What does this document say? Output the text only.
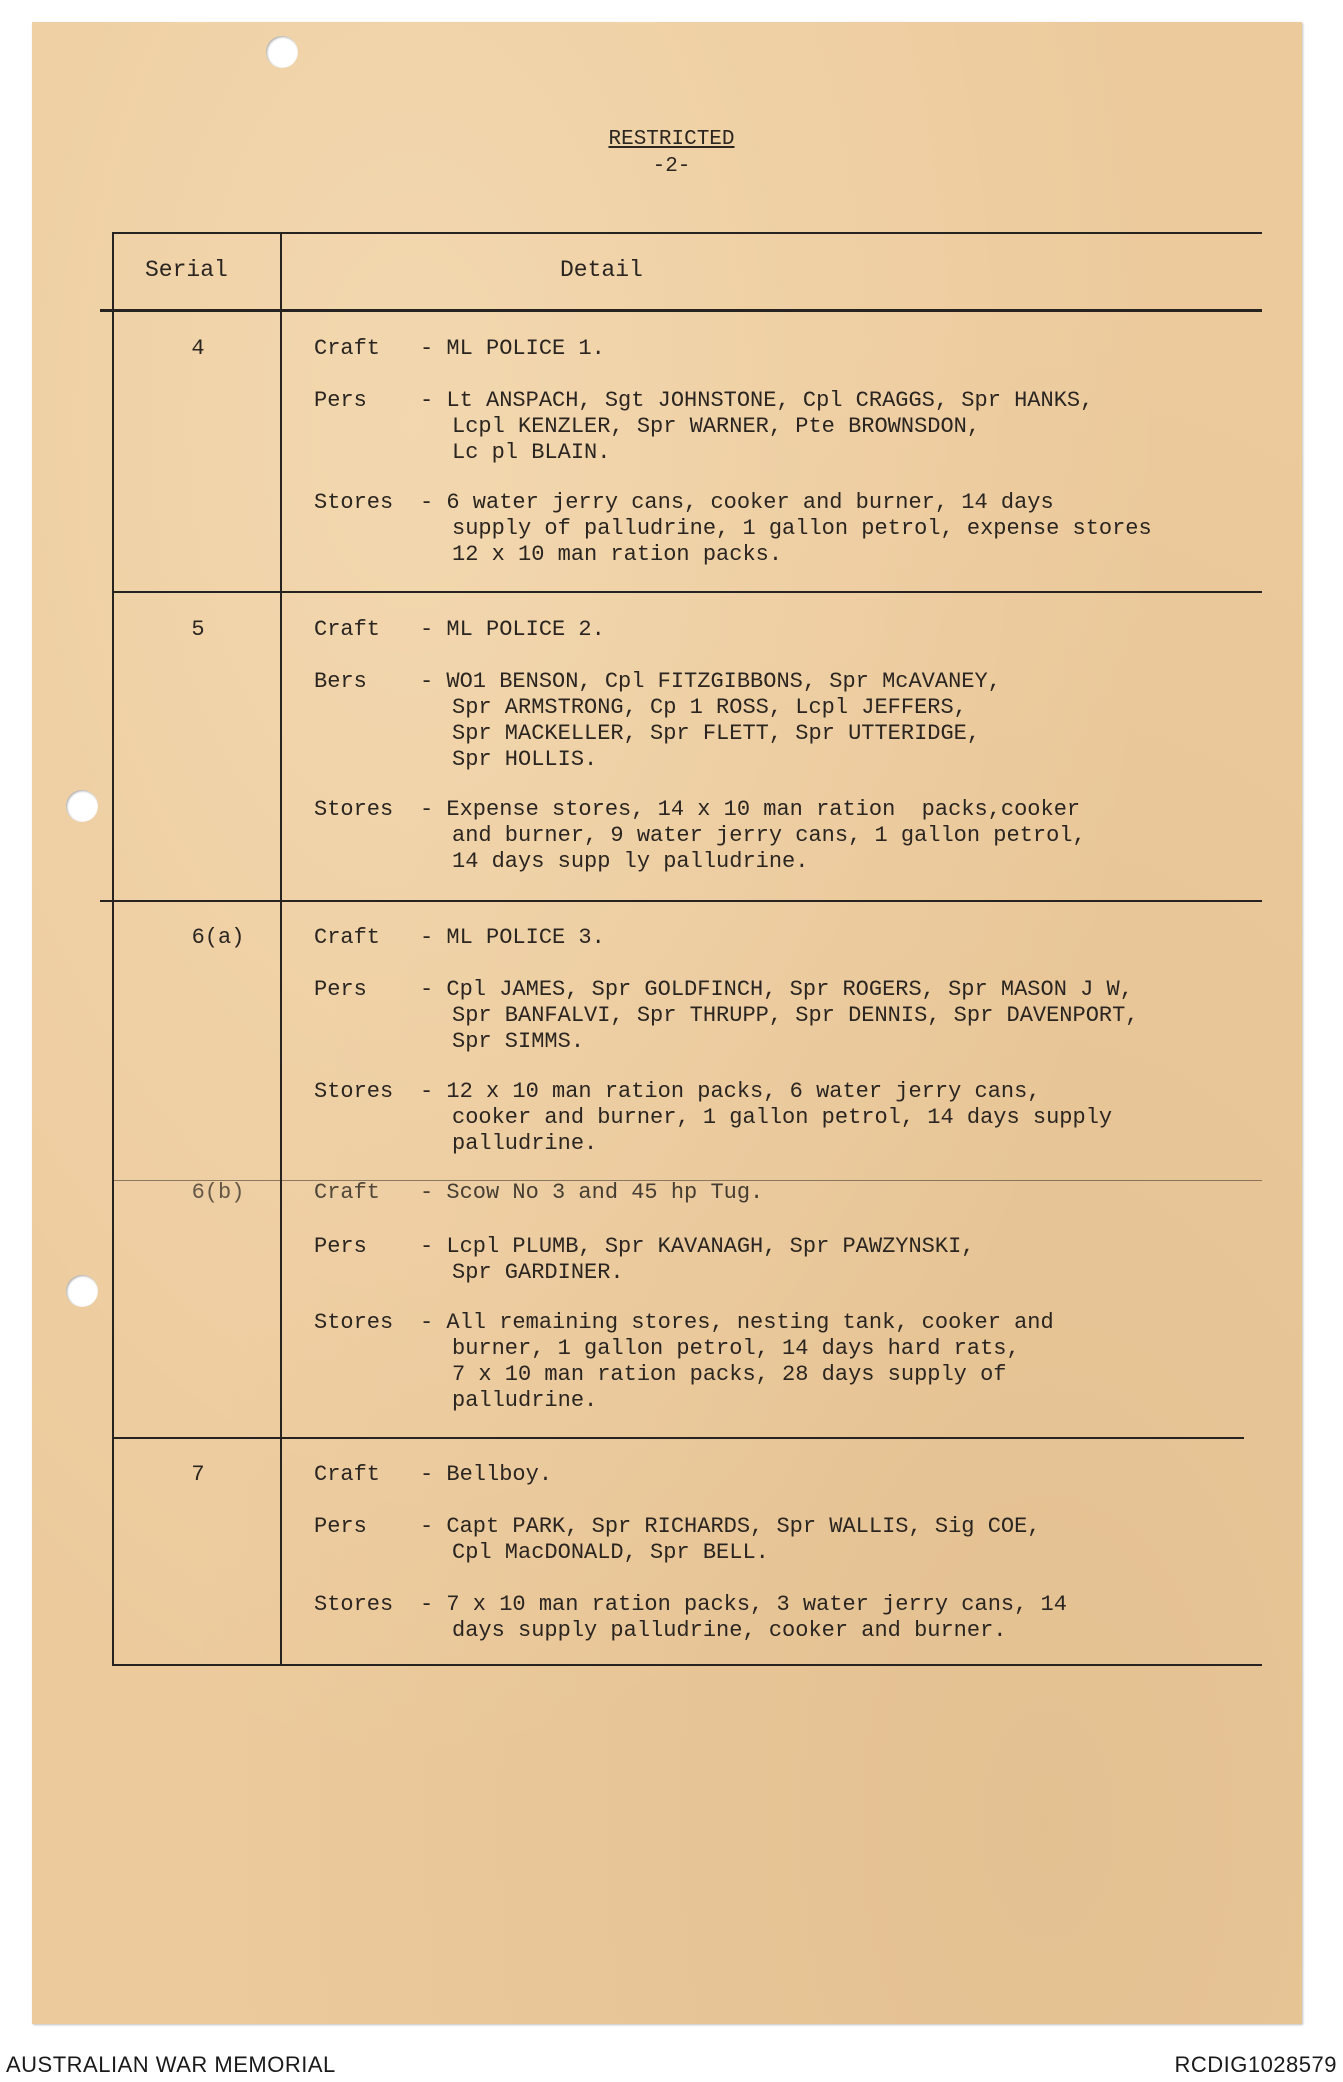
RESTRICTED
-2-
Serial	Detail
4	Craft - ML POLICE 1.
Pers - Lt ANSPACH, Sgt JOHNSTONE, Cpl CRAGGS, Spr HANKS,
Lcpl KENZLER, Spr WARNER, Pte BROWNSDON,
Lc pl BLAIN.
Stores - 6 water jerry cans, cooker and burner, 14 days
supply of palludrine, 1 gallon petrol, expense stores
12 x 10 man ration packs.
5	Craft - ML POLICE 2.
Bers - WO1 BENSON, Cpl FITZGIBBONS, Spr McAVANEY,
Spr ARMSTRONG, Cp 1 ROSS, Lcpl JEFFERS,
Spr MACKELLER, Spr FLETT, Spr UTTERIDGE,
Spr HOLLIS.
Stores - Expense stores, 14 x 10 man ration  packs,cooker
and burner, 9 water jerry cans, 1 gallon petrol,
14 days supp ly palludrine.
6(a)	Craft - ML POLICE 3.
Pers - Cpl JAMES, Spr GOLDFINCH, Spr ROGERS, Spr MASON J W,
Spr BANFALVI, Spr THRUPP, Spr DENNIS, Spr DAVENPORT,
Spr SIMMS.
Stores - 12 x 10 man ration packs, 6 water jerry cans,
cooker and burner, 1 gallon petrol, 14 days supply
palludrine.
6(b)	Craft - Scow No 3 and 45 hp Tug.
Pers - Lcpl PLUMB, Spr KAVANAGH, Spr PAWZYNSKI,
Spr GARDINER.
Stores - All remaining stores, nesting tank, cooker and
burner, 1 gallon petrol, 14 days hard rats,
7 x 10 man ration packs, 28 days supply of
palludrine.
7	Craft - Bellboy.
Pers - Capt PARK, Spr RICHARDS, Spr WALLIS, Sig COE,
Cpl MacDONALD, Spr BELL.
Stores - 7 x 10 man ration packs, 3 water jerry cans, 14
days supply palludrine, cooker and burner.
AUSTRALIAN WAR MEMORIAL	RCDIG1028579
